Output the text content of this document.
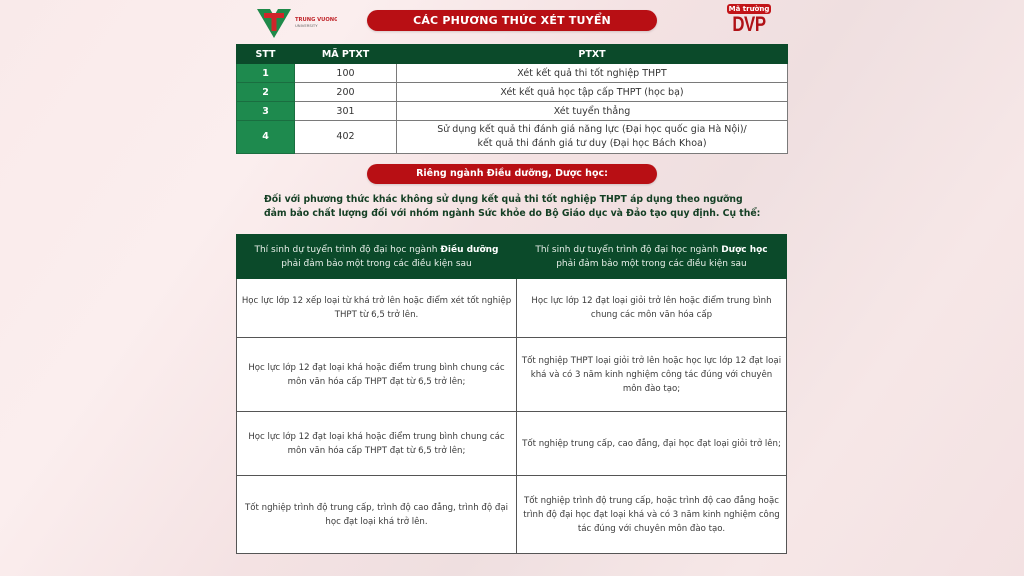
TRUNG VUONG
UNIVERSITY	CÁC PHƯƠNG THỨC XÉT TUYỂN
Mã trường
DVP
STT	MÃ PTXT	PTXT
1	100	Xét kết quả thi tốt nghiệp THPT
2	200	Xét kết quả học tập cấp THPT (học bạ)
3	301	Xét tuyển thẳng
4	402	Sử dụng kết quả thi đánh giá năng lực (Đại học quốc gia Hà Nội)/
kết quả thi đánh giá tư duy (Đại học Bách Khoa)
Riêng ngành Điều dưỡng, Dược học:
Đối với phương thức khác không sử dụng kết quả thi tốt nghiệp THPT áp dụng theo ngưỡng đảm bảo chất lượng đối với nhóm ngành Sức khỏe do Bộ Giáo dục và Đảo tạo quy định. Cụ thể:
Thí sinh dự tuyển trình độ đại học ngành Điều dưỡng
phải đảm bảo một trong các điều kiện sau	Thí sinh dự tuyển trình độ đại học ngành Dược học
phải đảm bảo một trong các điều kiện sau
Học lực lớp 12 xếp loại từ khá trở lên hoặc điểm xét tốt nghiệp THPT từ 6,5 trở lên.	Học lực lớp 12 đạt loại giỏi trở lên hoặc điểm trung bình chung các môn văn hóa cấp
Học lực lớp 12 đạt loại khá hoặc điểm trung bình chung các môn văn hóa cấp THPT đạt từ 6,5 trở lên;	Tốt nghiệp THPT loại giỏi trở lên hoặc học lực lớp 12 đạt loại khá và có 3 năm kinh nghiệm công tác đúng với chuyên môn đào tạo;
Học lực lớp 12 đạt loại khá hoặc điểm trung bình chung các môn văn hóa cấp THPT đạt từ 6,5 trở lên;	Tốt nghiệp trung cấp, cao đẳng, đại học đạt loại giỏi trở lên;
Tốt nghiệp trình độ trung cấp, trình độ cao đẳng, trình độ đại học đạt loại khá trở lên.	Tốt nghiệp trình độ trung cấp, hoặc trình độ cao đẳng hoặc trình độ đại học đạt loại khá và có 3 năm kinh nghiệm công tác đúng với chuyên môn đào tạo.
